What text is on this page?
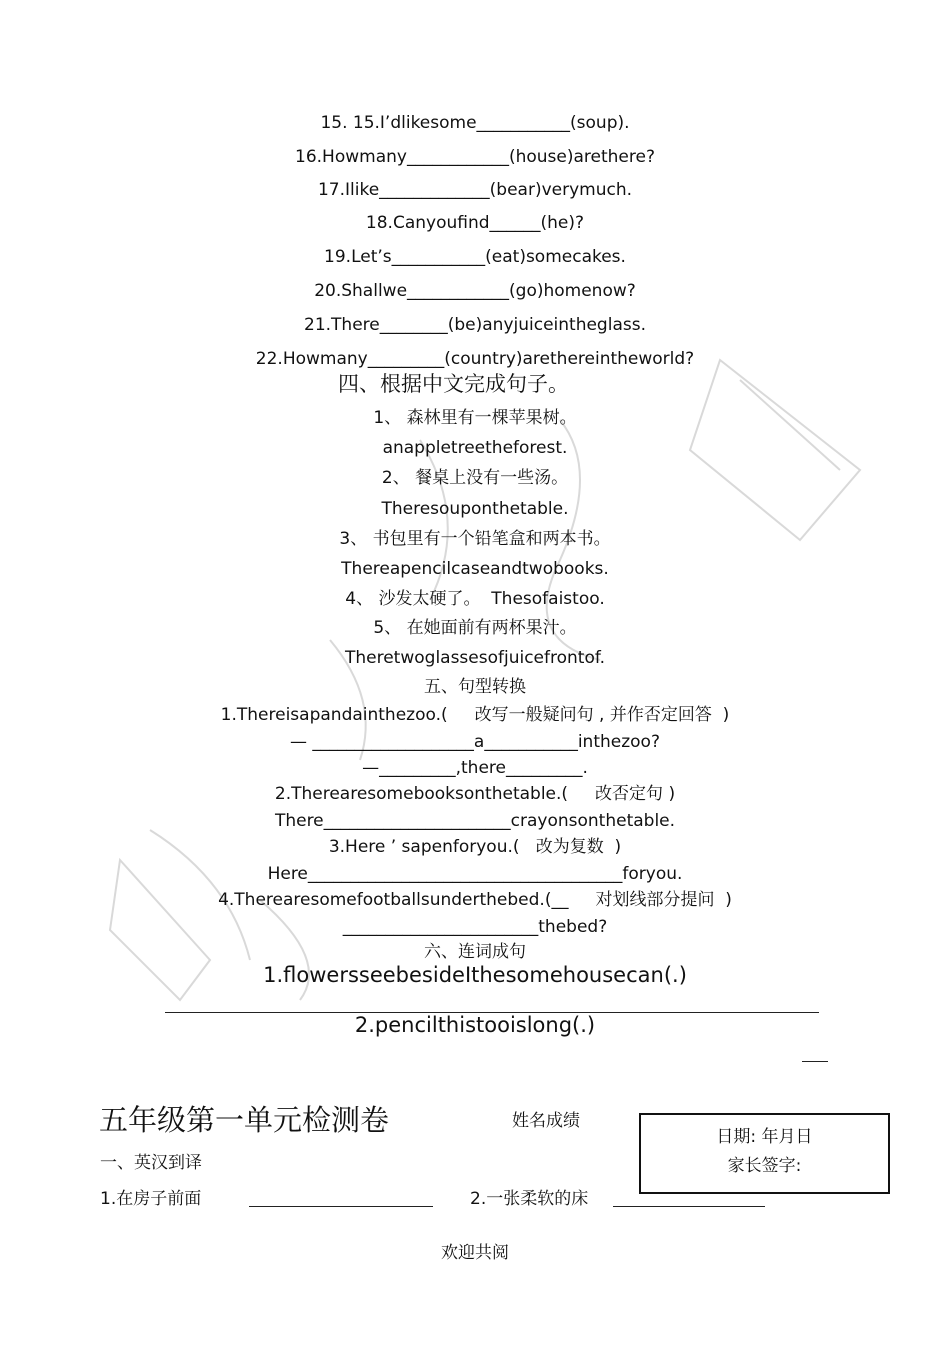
15. 15.I’dlikesome___________(soup).
16.Howmany____________(house)arethere?
17.Ilike_____________(bear)verymuch.
18.Canyoufind______(he)?
19.Let’s___________(eat)somecakes.
20.Shallwe____________(go)homenow?
21.There________(be)anyjuiceintheglass.
22.Howmany_________(country)arethereintheworld?
四、根据中文完成句子。
1、 森林里有一棵苹果树。
anappletreetheforest.
2、 餐桌上没有一些汤。
Theresouponthetable.
3、 书包里有一个铅笔盒和两本书。
Thereapencilcaseandtwobooks.
4、 沙发太硬了。  Thesofaistoo.
5、 在她面前有两杯果汁。
Theretwoglassesofjuicefrontof.
五、句型转换
1.Thereisapandainthezoo.(     改写一般疑问句 , 并作否定回答  )
— ___________________a___________inthezoo?
—_________,there_________.
2.Therearesomebooksonthetable.(     改否定句 )
There______________________crayonsonthetable.
3.Here ’ sapenforyou.(   改为复数  )
Here_____________________________________foryou.
4.Therearesomefootballsunderthebed.(__     对划线部分提问  )
_______________________thebed?
六、连词成句
1.flowersseebesideIthesomehousecan(.)
2.pencilthistooislong(.)
五年级第一单元检测卷	姓名成绩
日期: 年月日
家长签字:
一、英汉到译
1.在房子前面	2.一张柔软的床
欢迎共阅
